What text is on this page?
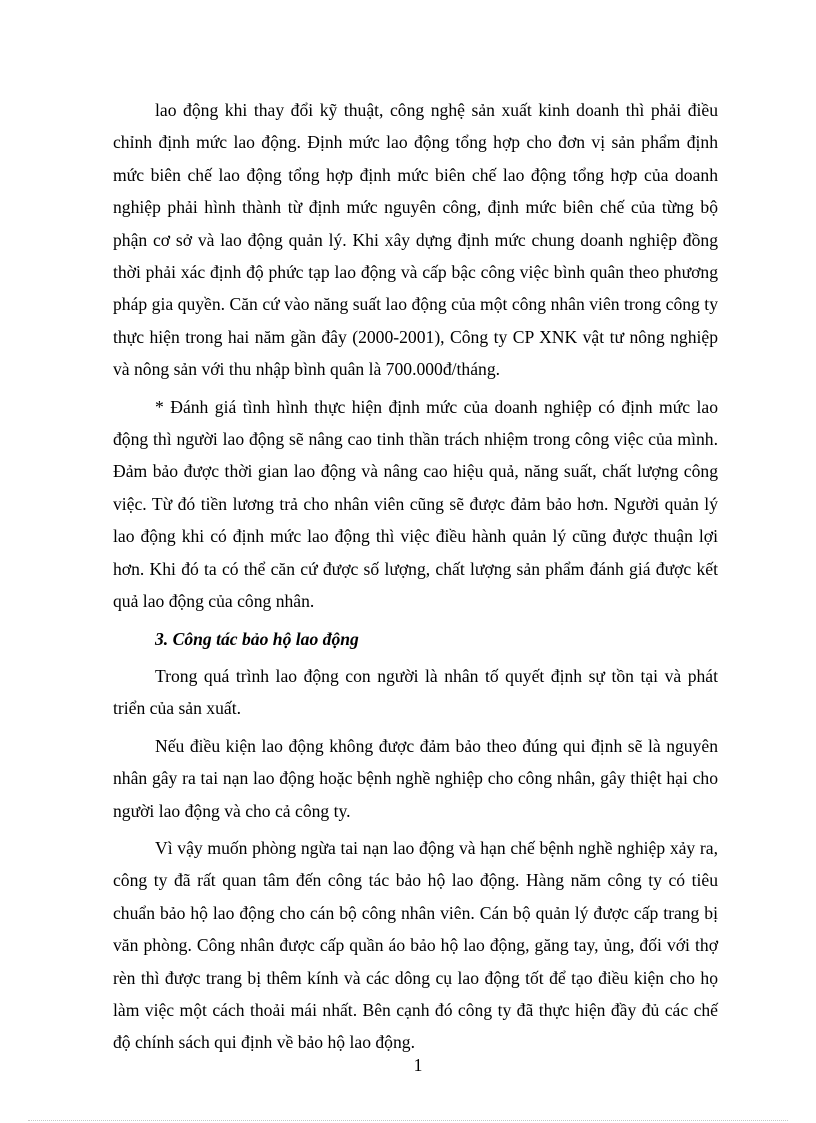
lao động khi thay đổi kỹ thuật, công nghệ sản xuất kinh doanh thì phải điều chỉnh định mức lao động. Định mức lao động tổng hợp cho đơn vị sản phẩm định mức biên chế lao động tổng hợp định mức biên chế lao động tổng hợp của doanh nghiệp phải hình thành từ định mức nguyên công, định mức biên chế của từng bộ phận cơ sở và lao động quản lý. Khi xây dựng định mức chung doanh nghiệp đồng thời phải xác định độ phức tạp lao động và cấp bậc công việc bình quân theo phương pháp gia quyền. Căn cứ vào năng suất lao động của một công nhân viên trong công ty thực hiện trong hai năm gần đây (2000-2001), Công ty CP XNK vật tư nông nghiệp và nông sản với thu nhập bình quân là 700.000đ/tháng.

* Đánh giá tình hình thực hiện định mức của doanh nghiệp có định mức lao động thì người lao động sẽ nâng cao tinh thần trách nhiệm trong công việc của mình. Đảm bảo được thời gian lao động và nâng cao hiệu quả, năng suất, chất lượng công việc. Từ đó tiền lương trả cho nhân viên cũng sẽ được đảm bảo hơn. Người quản lý lao động khi có định mức lao động thì việc điều hành quản lý cũng được thuận lợi hơn. Khi đó ta có thể căn cứ được số lượng, chất lượng sản phẩm đánh giá được kết quả lao động của công nhân.

3. Công tác bảo hộ lao động

Trong quá trình lao động con người là nhân tố quyết định sự tồn tại và phát triển của sản xuất.

Nếu điều kiện lao động không được đảm bảo theo đúng qui định sẽ là nguyên nhân gây ra tai nạn lao động hoặc bệnh nghề nghiệp cho công nhân, gây thiệt hại cho người lao động và cho cả công ty.

Vì vậy muốn phòng ngừa tai nạn lao động và hạn chế bệnh nghề nghiệp xảy ra, công ty đã rất quan tâm đến công tác bảo hộ lao động. Hàng năm công ty có tiêu chuẩn bảo hộ lao động cho cán bộ công nhân viên. Cán bộ quản lý được cấp trang bị văn phòng. Công nhân được cấp quần áo bảo hộ lao động, găng tay, ủng, đối với thợ rèn thì được trang bị thêm kính và các dông cụ lao động tốt để tạo điều kiện cho họ làm việc một cách thoải mái nhất. Bên cạnh đó công ty đã thực hiện đầy đủ các chế độ chính sách qui định về bảo hộ lao động.

1
